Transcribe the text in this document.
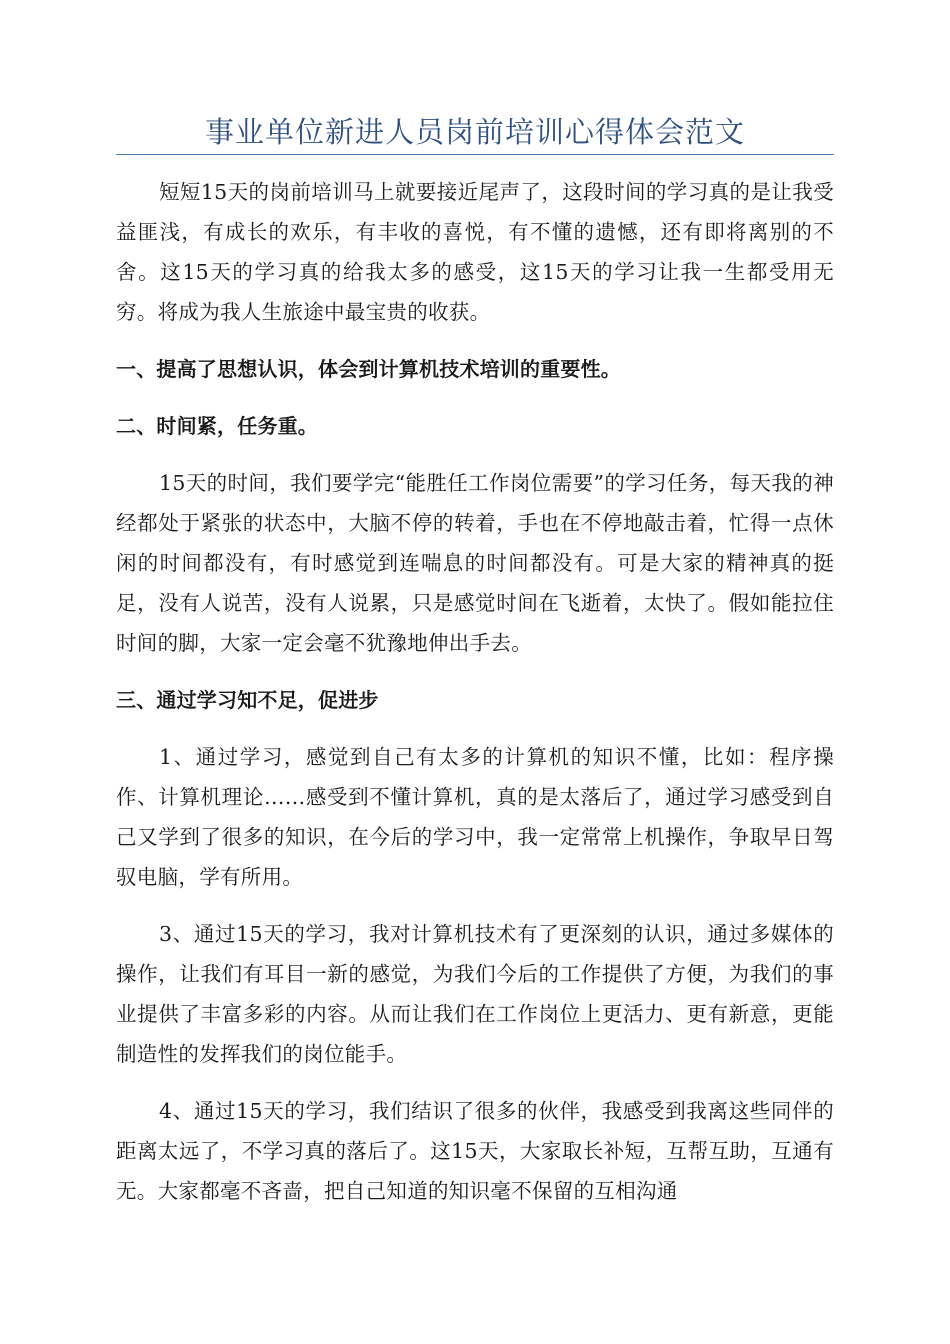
事业单位新进人员岗前培训心得体会范文

短短15天的岗前培训马上就要接近尾声了，这段时间的学习真的是让我受益匪浅，有成长的欢乐，有丰收的喜悦，有不懂的遗憾，还有即将离别的不舍。这15天的学习真的给我太多的感受，这15天的学习让我一生都受用无穷。将成为我人生旅途中最宝贵的收获。

一、提高了思想认识，体会到计算机技术培训的重要性。

二、时间紧，任务重。

15天的时间，我们要学完“能胜任工作岗位需要”的学习任务，每天我的神经都处于紧张的状态中，大脑不停的转着，手也在不停地敲击着，忙得一点休闲的时间都没有，有时感觉到连喘息的时间都没有。可是大家的精神真的挺足，没有人说苦，没有人说累，只是感觉时间在飞逝着，太快了。假如能拉住时间的脚，大家一定会毫不犹豫地伸出手去。

三、通过学习知不足，促进步

1、通过学习，感觉到自己有太多的计算机的知识不懂，比如：程序操作、计算机理论……感受到不懂计算机，真的是太落后了，通过学习感受到自己又学到了很多的知识，在今后的学习中，我一定常常上机操作，争取早日驾驭电脑，学有所用。

3、通过15天的学习，我对计算机技术有了更深刻的认识，通过多媒体的操作，让我们有耳目一新的感觉，为我们今后的工作提供了方便，为我们的事业提供了丰富多彩的内容。从而让我们在工作岗位上更活力、更有新意，更能制造性的发挥我们的岗位能手。

4、通过15天的学习，我们结识了很多的伙伴，我感受到我离这些同伴的距离太远了，不学习真的落后了。这15天，大家取长补短，互帮互助，互通有无。大家都毫不吝啬，把自己知道的知识毫不保留的互相沟通
